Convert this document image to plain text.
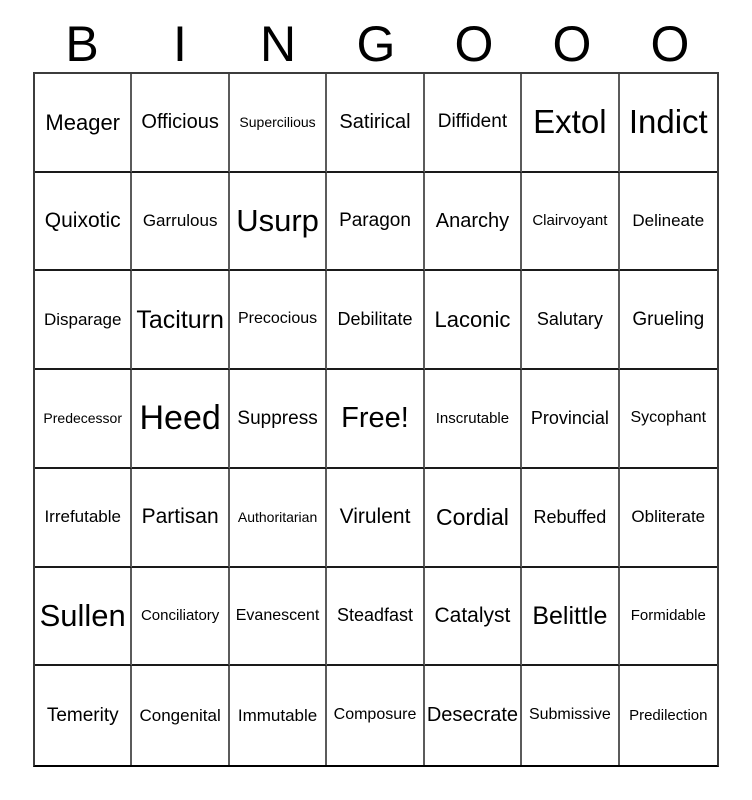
B	I	N	G	O	O	O
Meager Officious Supercilious Satirical Diffident Extol Indict
Quixotic Garrulous Usurp Paragon Anarchy Clairvoyant Delineate
Disparage Taciturn Precocious Debilitate Laconic Salutary Grueling
Predecessor Heed Suppress Free! Inscrutable Provincial Sycophant
Irrefutable Partisan Authoritarian Virulent Cordial Rebuffed Obliterate
Sullen Conciliatory Evanescent Steadfast Catalyst Belittle Formidable
Temerity Congenital Immutable Composure Desecrate Submissive Predilection
